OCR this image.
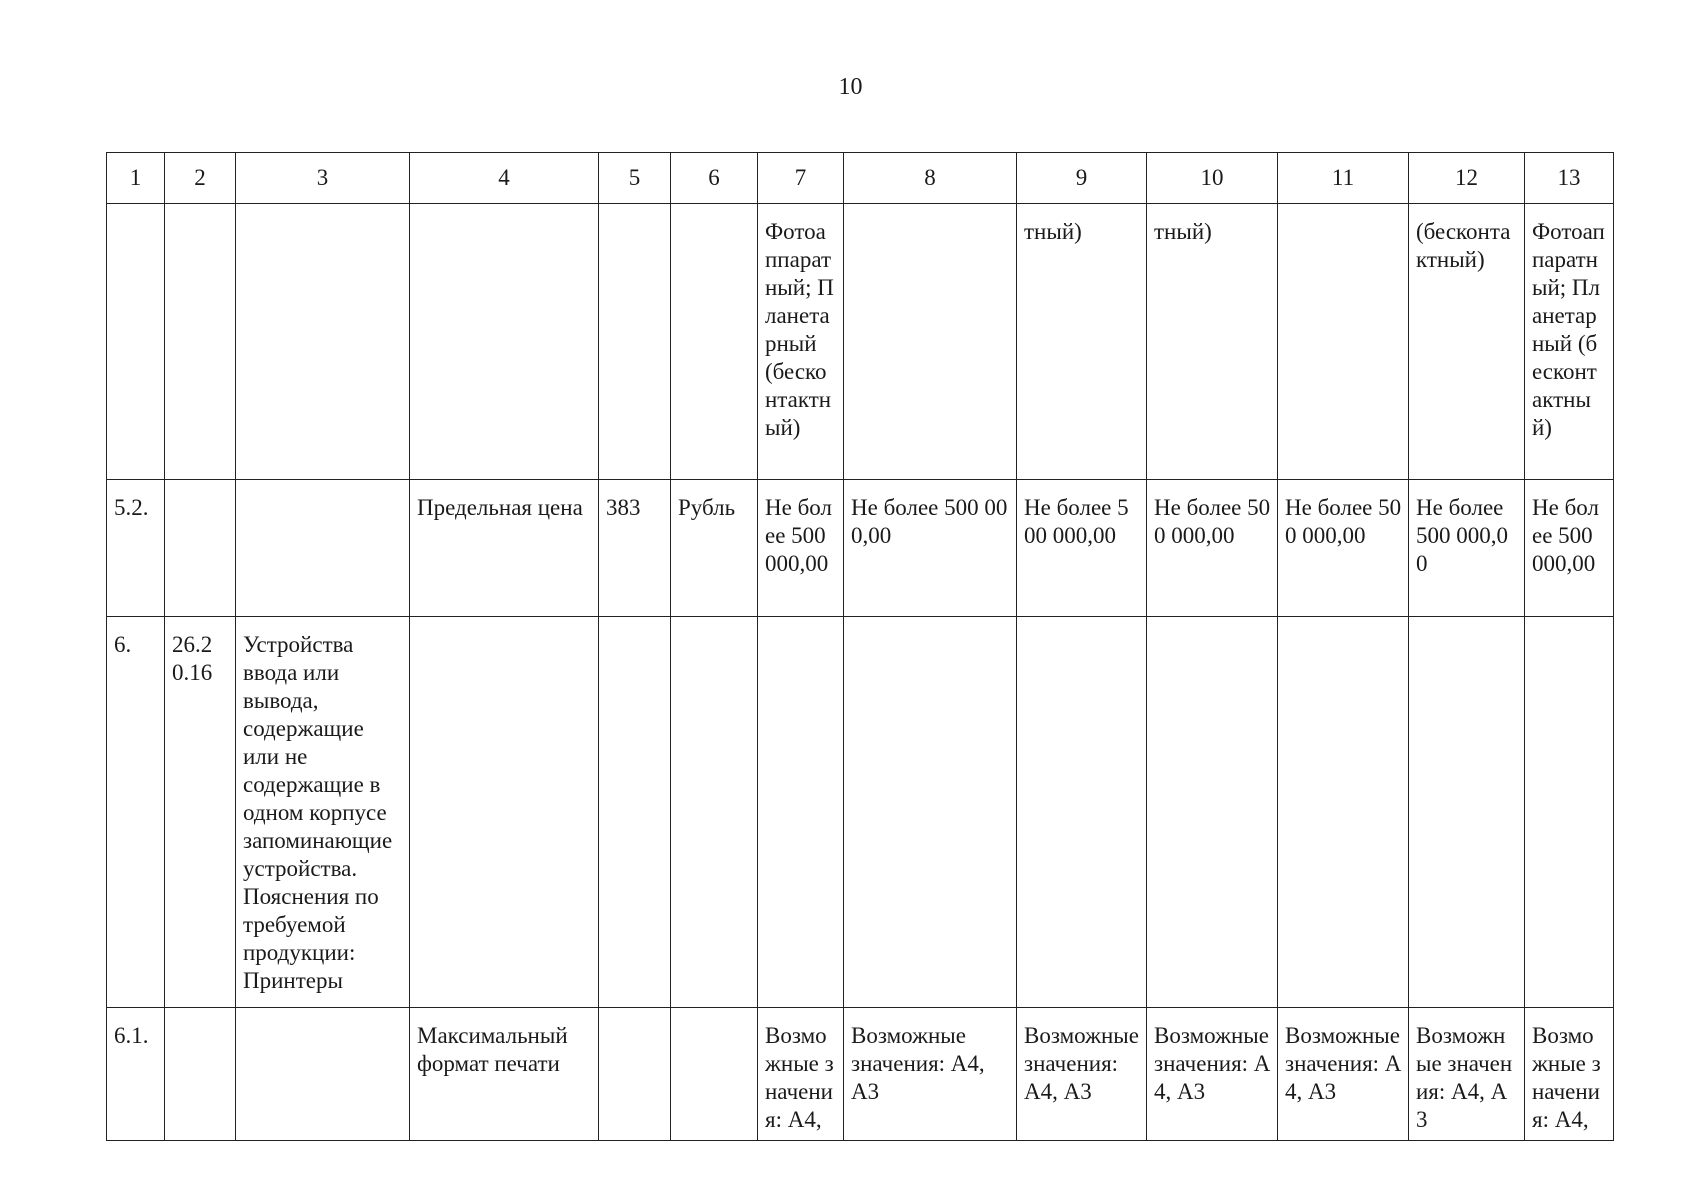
10
1	2	3	4	5	6	7	8	9	10	11	12	13
						Фотоаппаратный; Планетарный (бесконтактный)		тный)	тный)		(бесконтактный)	Фотоаппаратный; Планетарный (бесконтактный)
5.2.			Предельная цена	383	Рубль	Не более 500 000,00	Не более 500 000,00	Не более 500 000,00	Не более 500 000,00	Не более 500 000,00	Не более 500 000,00	Не более 500 000,00
6.	26.20.16	Устройства ввода или вывода, содержащие или не содержащие в одном корпусе запоминающие устройства. Пояснения по требуемой продукции: Принтеры										
6.1.			Максимальный формат печати			Возможные значения: А4,	Возможные значения: А4, А3	Возможные значения: А4, А3	Возможные значения: А4, А3	Возможные значения: А4, А3	Возможные значения: А4, А3	Возможные значения: А4,
